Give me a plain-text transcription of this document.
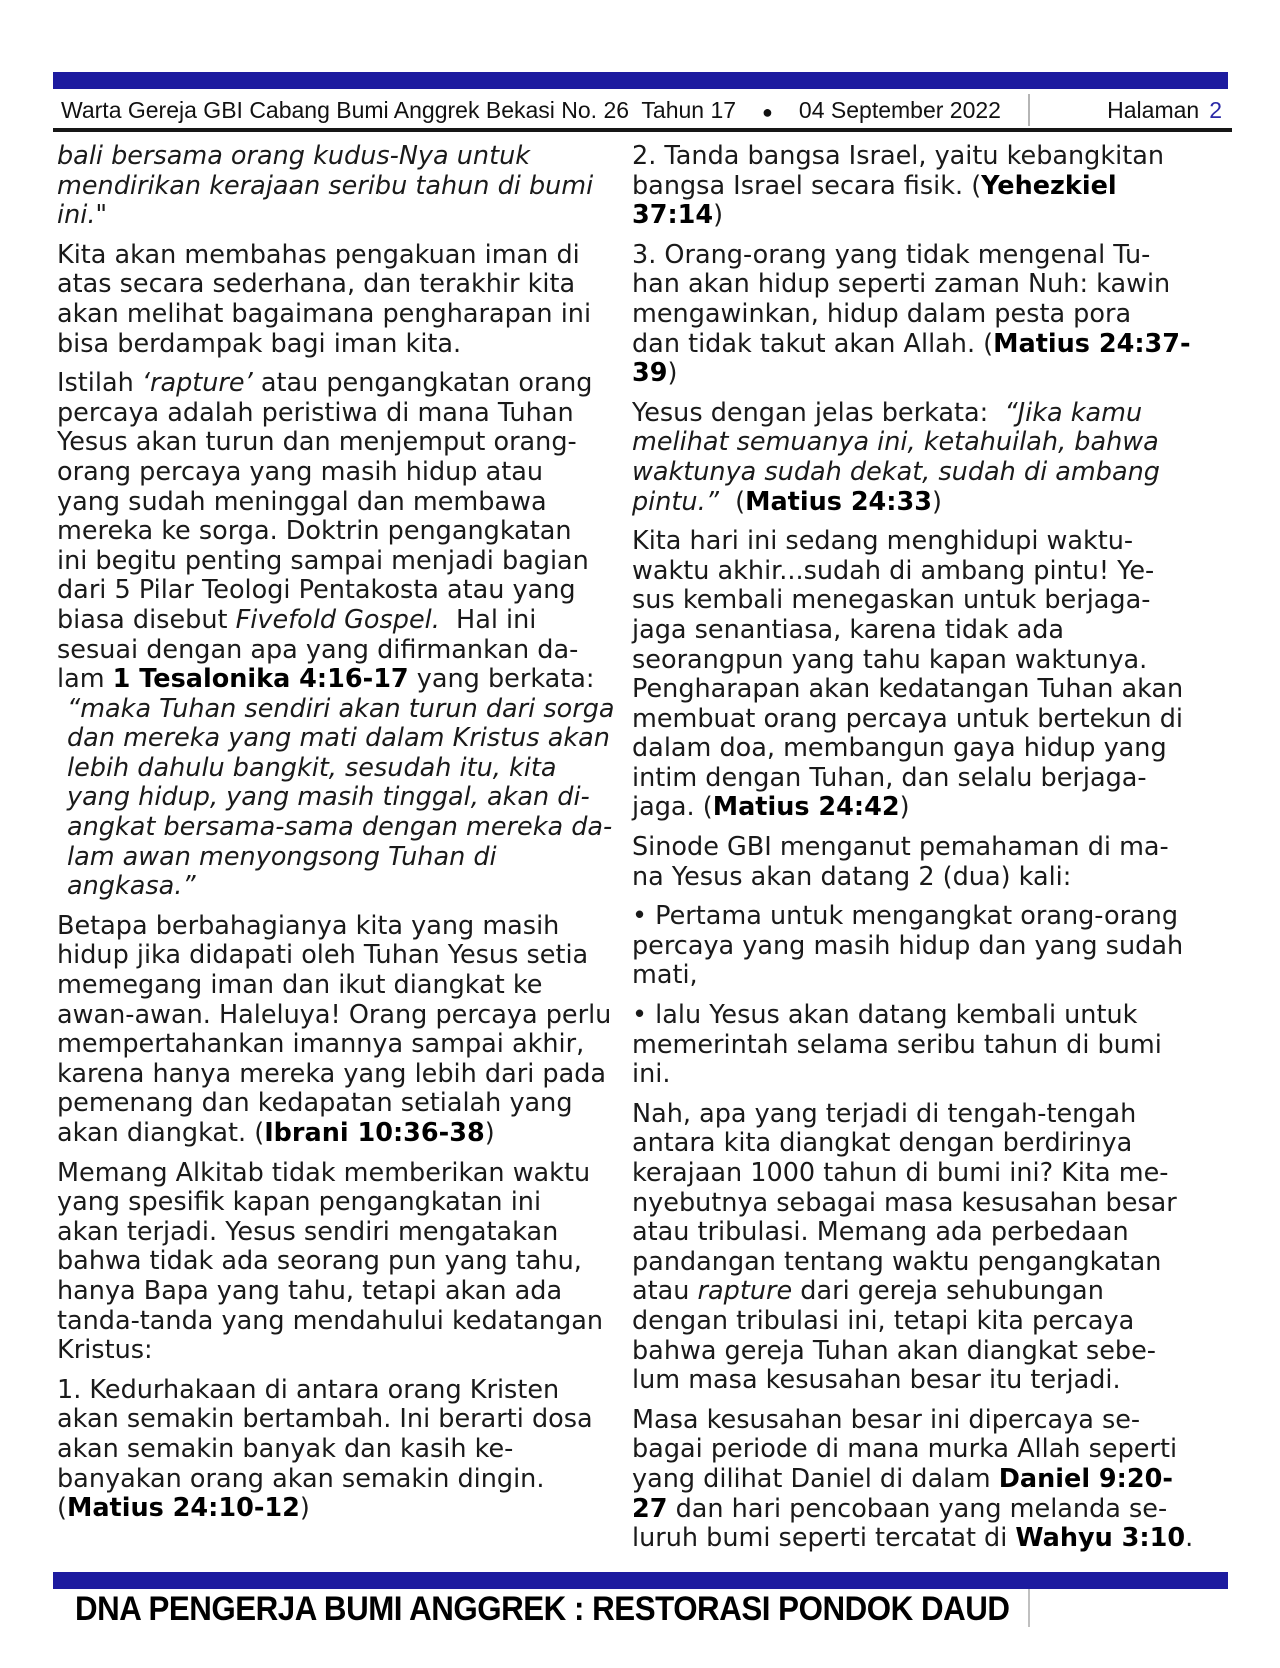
Warta Gereja GBI Cabang Bumi Anggrek Bekasi No. 26  Tahun 17 ● 04 September 2022	Halaman 2
bali bersama orang kudus-Nya untuk
mendirikan kerajaan seribu tahun di bumi
ini."
Kita akan membahas pengakuan iman di
atas secara sederhana, dan terakhir kita
akan melihat bagaimana pengharapan ini
bisa berdampak bagi iman kita.
Istilah ‘rapture’ atau pengangkatan orang
percaya adalah peristiwa di mana Tuhan
Yesus akan turun dan menjemput orang-
orang percaya yang masih hidup atau
yang sudah meninggal dan membawa
mereka ke sorga. Doktrin pengangkatan
ini begitu penting sampai menjadi bagian
dari 5 Pilar Teologi Pentakosta atau yang
biasa disebut Fivefold Gospel.  Hal ini
sesuai dengan apa yang difirmankan da-
lam 1 Tesalonika 4:16-17 yang berkata:
“maka Tuhan sendiri akan turun dari sorga
dan mereka yang mati dalam Kristus akan
lebih dahulu bangkit, sesudah itu, kita
yang hidup, yang masih tinggal, akan di-
angkat bersama-sama dengan mereka da-
lam awan menyongsong Tuhan di
angkasa.”
Betapa berbahagianya kita yang masih
hidup jika didapati oleh Tuhan Yesus setia
memegang iman dan ikut diangkat ke
awan-awan. Haleluya! Orang percaya perlu
mempertahankan imannya sampai akhir,
karena hanya mereka yang lebih dari pada
pemenang dan kedapatan setialah yang
akan diangkat. (Ibrani 10:36-38)
Memang Alkitab tidak memberikan waktu
yang spesifik kapan pengangkatan ini
akan terjadi. Yesus sendiri mengatakan
bahwa tidak ada seorang pun yang tahu,
hanya Bapa yang tahu, tetapi akan ada
tanda-tanda yang mendahului kedatangan
Kristus:
1. Kedurhakaan di antara orang Kristen
akan semakin bertambah. Ini berarti dosa
akan semakin banyak dan kasih ke-
banyakan orang akan semakin dingin.
(Matius 24:10-12)
2. Tanda bangsa Israel, yaitu kebangkitan
bangsa Israel secara fisik. (Yehezkiel
37:14)
3. Orang-orang yang tidak mengenal Tu-
han akan hidup seperti zaman Nuh: kawin
mengawinkan, hidup dalam pesta pora
dan tidak takut akan Allah. (Matius 24:37-
39)
Yesus dengan jelas berkata:  “Jika kamu
melihat semuanya ini, ketahuilah, bahwa
waktunya sudah dekat, sudah di ambang
pintu.”  (Matius 24:33)
Kita hari ini sedang menghidupi waktu-
waktu akhir...sudah di ambang pintu! Ye-
sus kembali menegaskan untuk berjaga-
jaga senantiasa, karena tidak ada
seorangpun yang tahu kapan waktunya.
Pengharapan akan kedatangan Tuhan akan
membuat orang percaya untuk bertekun di
dalam doa, membangun gaya hidup yang
intim dengan Tuhan, dan selalu berjaga-
jaga. (Matius 24:42)
Sinode GBI menganut pemahaman di ma-
na Yesus akan datang 2 (dua) kali:
• Pertama untuk mengangkat orang-orang
percaya yang masih hidup dan yang sudah
mati,
• lalu Yesus akan datang kembali untuk
memerintah selama seribu tahun di bumi
ini.
Nah, apa yang terjadi di tengah-tengah
antara kita diangkat dengan berdirinya
kerajaan 1000 tahun di bumi ini? Kita me-
nyebutnya sebagai masa kesusahan besar
atau tribulasi. Memang ada perbedaan
pandangan tentang waktu pengangkatan
atau rapture dari gereja sehubungan
dengan tribulasi ini, tetapi kita percaya
bahwa gereja Tuhan akan diangkat sebe-
lum masa kesusahan besar itu terjadi.
Masa kesusahan besar ini dipercaya se-
bagai periode di mana murka Allah seperti
yang dilihat Daniel di dalam Daniel 9:20-
27 dan hari pencobaan yang melanda se-
luruh bumi seperti tercatat di Wahyu 3:10.
DNA PENGERJA BUMI ANGGREK : RESTORASI PONDOK DAUD
